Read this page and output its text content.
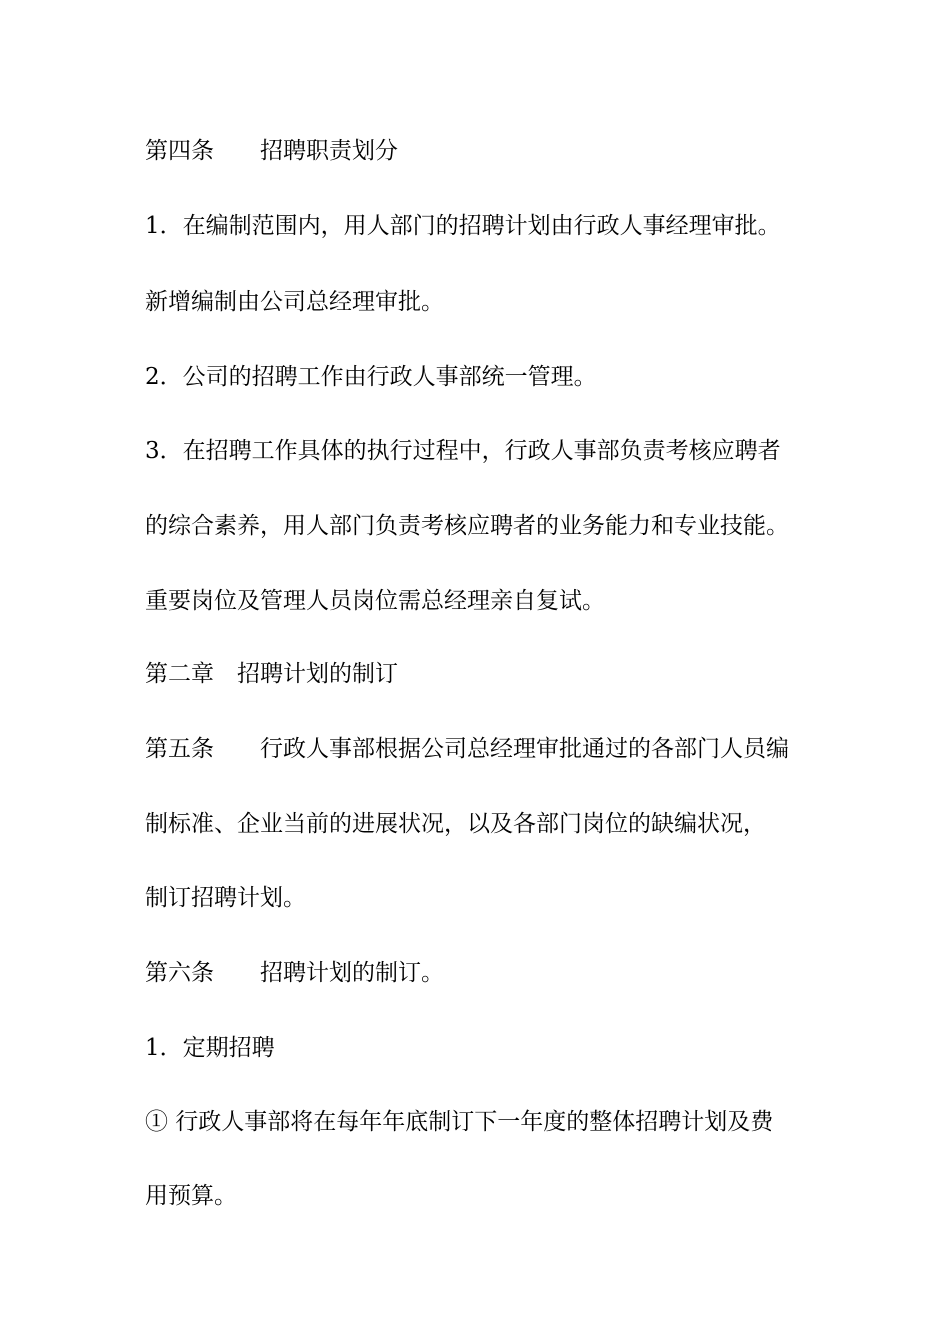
第四条　　招聘职责划分

1．在编制范围内，用人部门的招聘计划由行政人事经理审批。

新增编制由公司总经理审批。

2．公司的招聘工作由行政人事部统一管理。

3．在招聘工作具体的执行过程中，行政人事部负责考核应聘者

的综合素养，用人部门负责考核应聘者的业务能力和专业技能。

重要岗位及管理人员岗位需总经理亲自复试。

第二章　招聘计划的制订

第五条　　行政人事部根据公司总经理审批通过的各部门人员编

制标准、企业当前的进展状况，以及各部门岗位的缺编状况，

制订招聘计划。

第六条　　招聘计划的制订。

1．定期招聘

① 行政人事部将在每年年底制订下一年度的整体招聘计划及费

用预算。
